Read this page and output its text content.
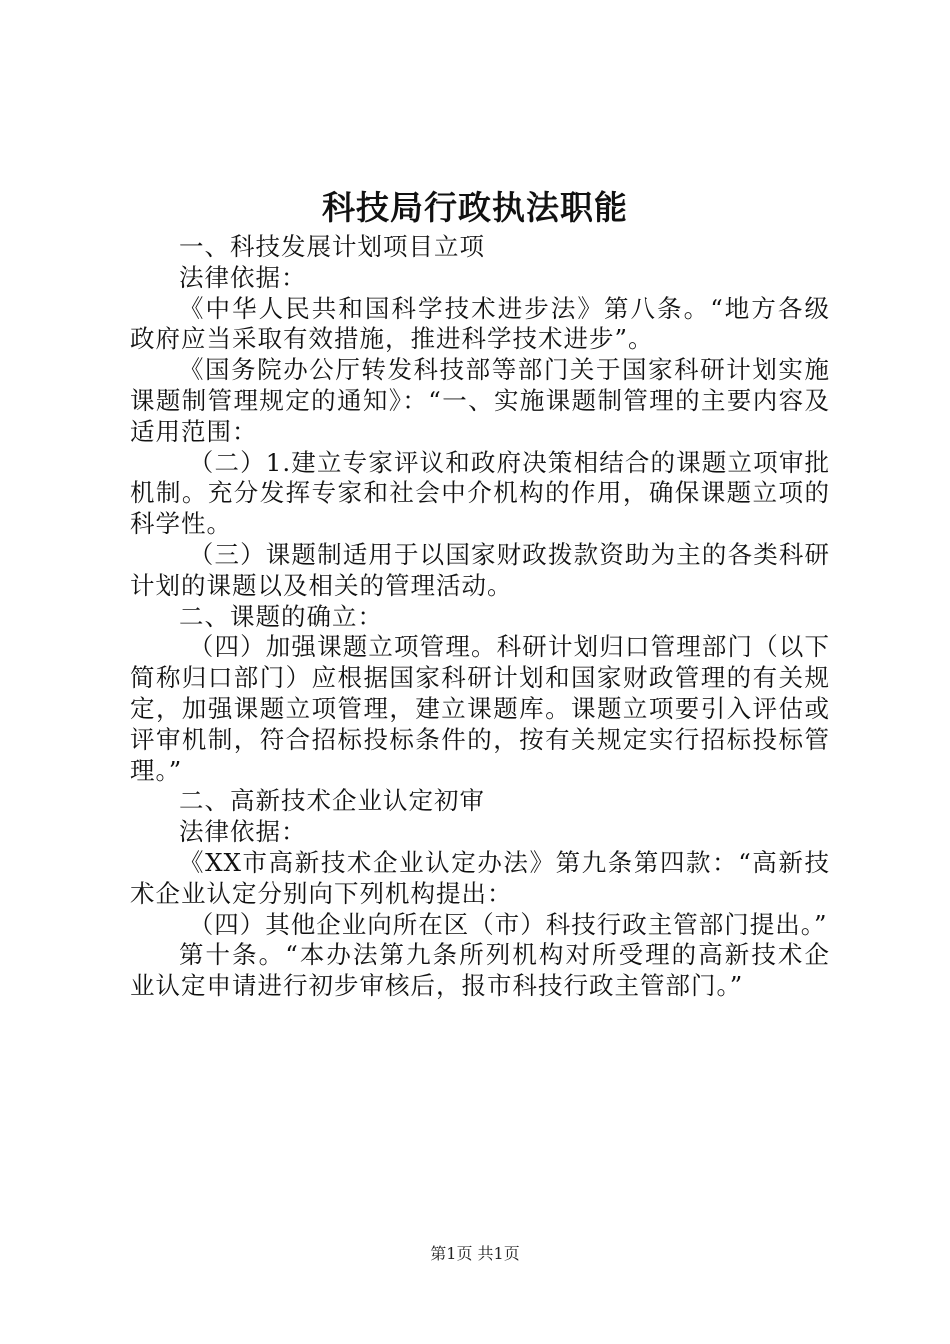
科技局行政执法职能

一、科技发展计划项目立项

法律依据：

《中华人民共和国科学技术进步法》第八条。“地方各级政府应当采取有效措施，推进科学技术进步”。

《国务院办公厅转发科技部等部门关于国家科研计划实施课题制管理规定的通知》：“一、实施课题制管理的主要内容及适用范围：

（二）1.建立专家评议和政府决策相结合的课题立项审批机制。充分发挥专家和社会中介机构的作用，确保课题立项的科学性。

（三）课题制适用于以国家财政拨款资助为主的各类科研计划的课题以及相关的管理活动。

二、课题的确立：

（四）加强课题立项管理。科研计划归口管理部门（以下简称归口部门）应根据国家科研计划和国家财政管理的有关规定，加强课题立项管理，建立课题库。课题立项要引入评估或评审机制，符合招标投标条件的，按有关规定实行招标投标管理。”

二、高新技术企业认定初审

法律依据：

《XX市高新技术企业认定办法》第九条第四款：“高新技术企业认定分别向下列机构提出：

（四）其他企业向所在区（市）科技行政主管部门提出。”

第十条。“本办法第九条所列机构对所受理的高新技术企业认定申请进行初步审核后，报市科技行政主管部门。”

第1页 共1页
